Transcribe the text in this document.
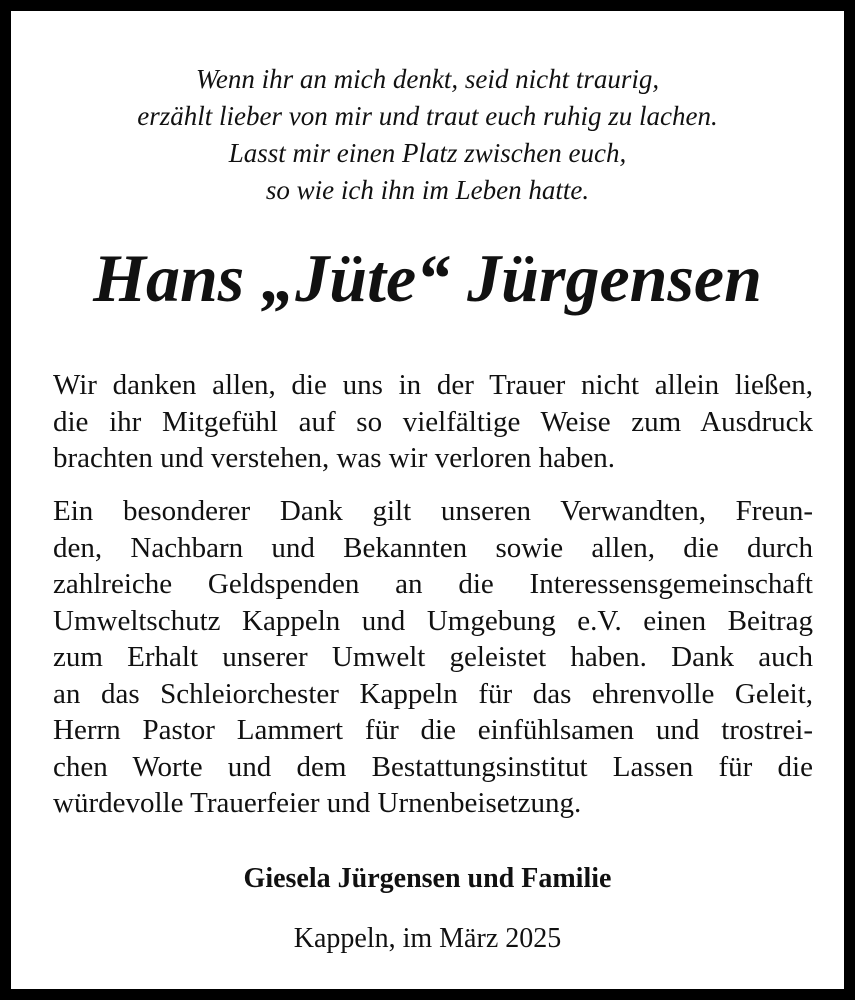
Wenn ihr an mich denkt, seid nicht traurig,
erzählt lieber von mir und traut euch ruhig zu lachen.
Lasst mir einen Platz zwischen euch,
so wie ich ihn im Leben hatte.
Hans „Jüte“ Jürgensen
Wir danken allen, die uns in der Trauer nicht allein ließen,
die ihr Mitgefühl auf so vielfältige Weise zum Ausdruck
brachten und verstehen, was wir verloren haben.
Ein besonderer Dank gilt unseren Verwandten, Freun-
den, Nachbarn und Bekannten sowie allen, die durch
zahlreiche Geldspenden an die Interessensgemeinschaft
Umweltschutz Kappeln und Umgebung e.V. einen Beitrag
zum Erhalt unserer Umwelt geleistet haben. Dank auch
an das Schleiorchester Kappeln für das ehrenvolle Geleit,
Herrn Pastor Lammert für die einfühlsamen und trostrei-
chen Worte und dem Bestattungsinstitut Lassen für die
würdevolle Trauerfeier und Urnenbeisetzung.
Giesela Jürgensen und Familie
Kappeln, im März 2025
